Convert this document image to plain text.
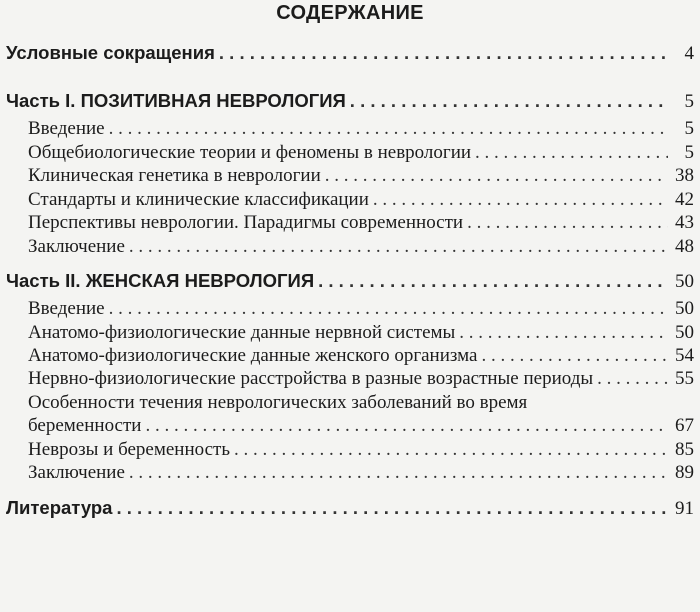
СОДЕРЖАНИЕ
Условные сокращения . . .	4
Часть I. ПОЗИТИВНАЯ НЕВРОЛОГИЯ . . .	5
Введение . . .	5
Общебиологические теории и феномены в неврологии . . .	5
Клиническая генетика в неврологии . . .	38
Стандарты и клинические классификации . . .	42
Перспективы неврологии. Парадигмы современности . . .	43
Заключение . . .	48
Часть II. ЖЕНСКАЯ НЕВРОЛОГИЯ . . .	50
Введение . . .	50
Анатомо-физиологические данные нервной системы . . .	50
Анатомо-физиологические данные женского организма . . .	54
Нервно-физиологические расстройства в разные возрастные периоды . . .	55
Особенности течения неврологических заболеваний во время
беременности . . .	67
Неврозы и беременность . . .	85
Заключение . . .	89
Литература . . .	91
